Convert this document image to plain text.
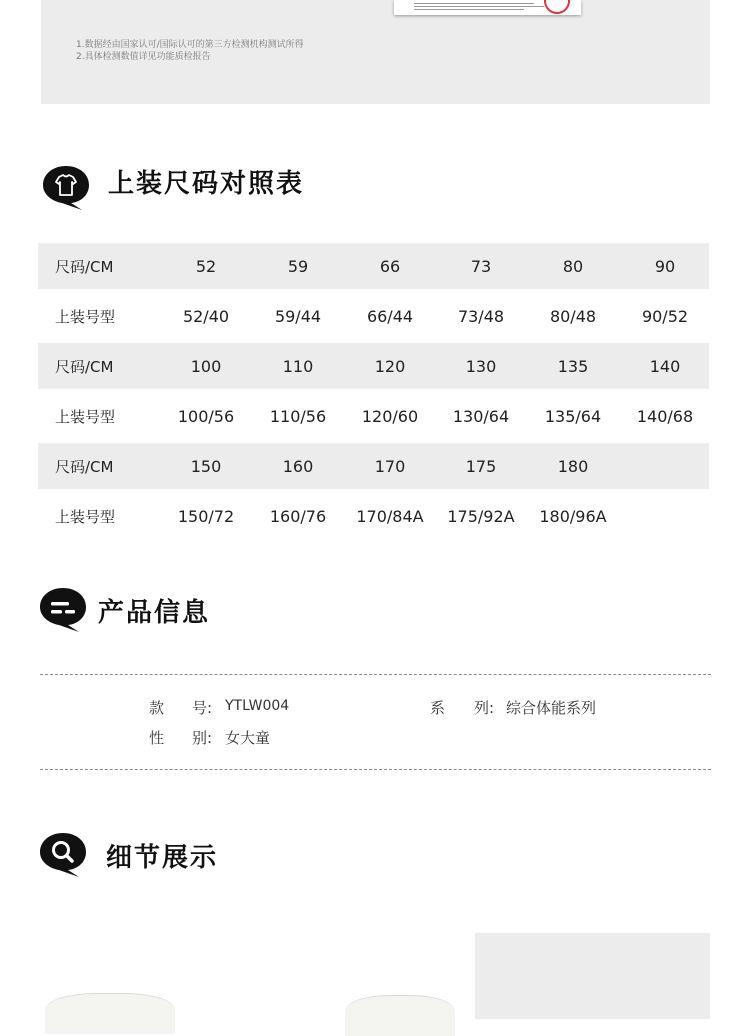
1.数据经由国家认可/国际认可的第三方检测机构测试所得
2.具体检测数值详见功能质检报告
上装尺码对照表
尺码/CM	52	59	66	73	80	90
上装号型	52/40	59/44	66/44	73/48	80/48	90/52
尺码/CM	100	110	120	130	135	140
上装号型	100/56	110/56	120/60	130/64	135/64	140/68
尺码/CM	150	160	170	175	180
上装号型	150/72	160/76	170/84A	175/92A	180/96A
产品信息
款 号: YTLW004	系 列: 综合体能系列
性 别: 女大童
细节展示
